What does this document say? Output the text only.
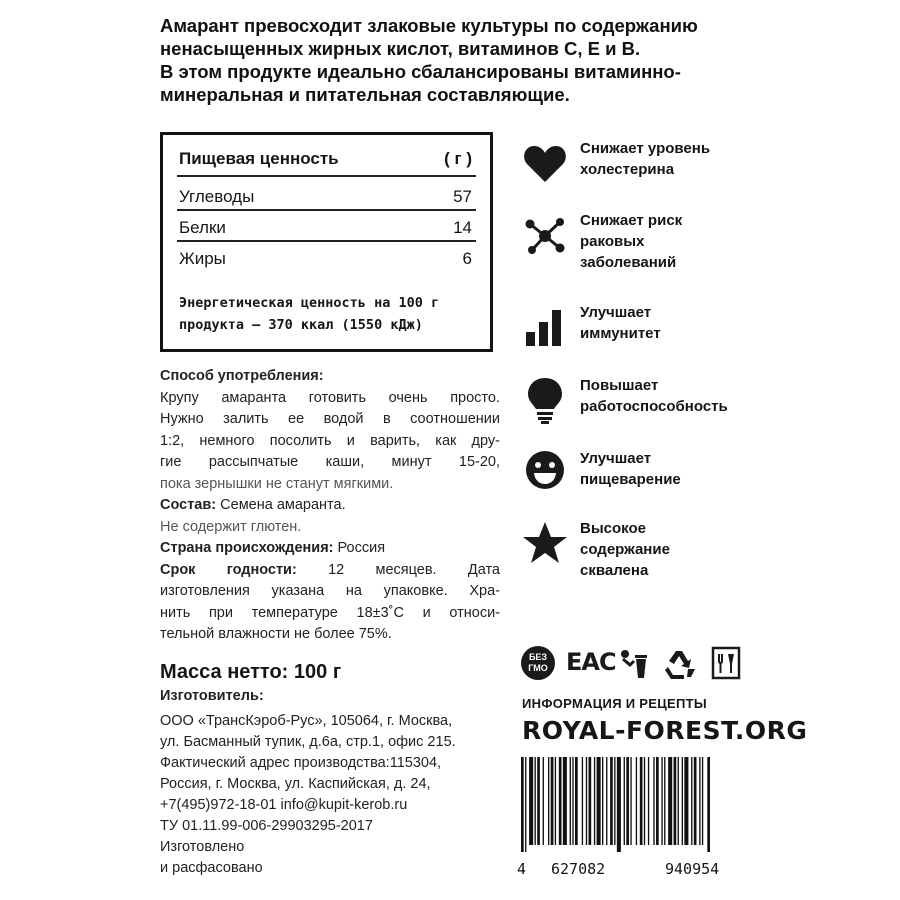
Амарант превосходит злаковые культуры по содержанию
ненасыщенных жирных кислот, витаминов С, Е и В.
В этом продукте идеально сбалансированы витаминно-
минеральная и питательная составляющие.
Пищевая ценность	( г )
Углеводы	57
Белки	14
Жиры	6
Энергетическая ценность на 100 г
продукта – 370 ккал (1550 кДж)
Способ употребления:
Крупу амаранта готовить очень просто.
Нужно залить ее водой в соотношении
1:2, немного посолить и варить, как дру-
гие рассыпчатые каши, минут 15-20,
пока зернышки не станут мягкими.
Состав: Семена амаранта.
Не содержит глютен.
Страна происхождения: Россия
Срок годности: 12 месяцев. Дата
изготовления указана на упаковке. Хра-
нить при температуре 18±3˚С и относи-
тельной влажности не более 75%.
Масса нетто: 100 г
Изготовитель:
ООО «ТрансКэроб-Рус», 105064, г. Москва,
ул. Басманный тупик, д.6а, стр.1, офис 215.
Фактический адрес производства:115304,
Россия, г. Москва, ул. Каспийская, д. 24,
+7(495)972-18-01 info@kupit-kerob.ru
ТУ 01.11.99-006-29903295-2017
Изготовлено
и расфасовано
Снижает уровень
холестерина
Снижает риск
раковых
заболеваний
Улучшает
иммунитет
Повышает
работоспособность
Улучшает
пищеварение
Высокое
содержание
сквалена
БЕЗ
ГМО EAC
ИНФОРМАЦИЯ И РЕЦЕПТЫ
ROYAL-FOREST.ORG
4 627082	940954
